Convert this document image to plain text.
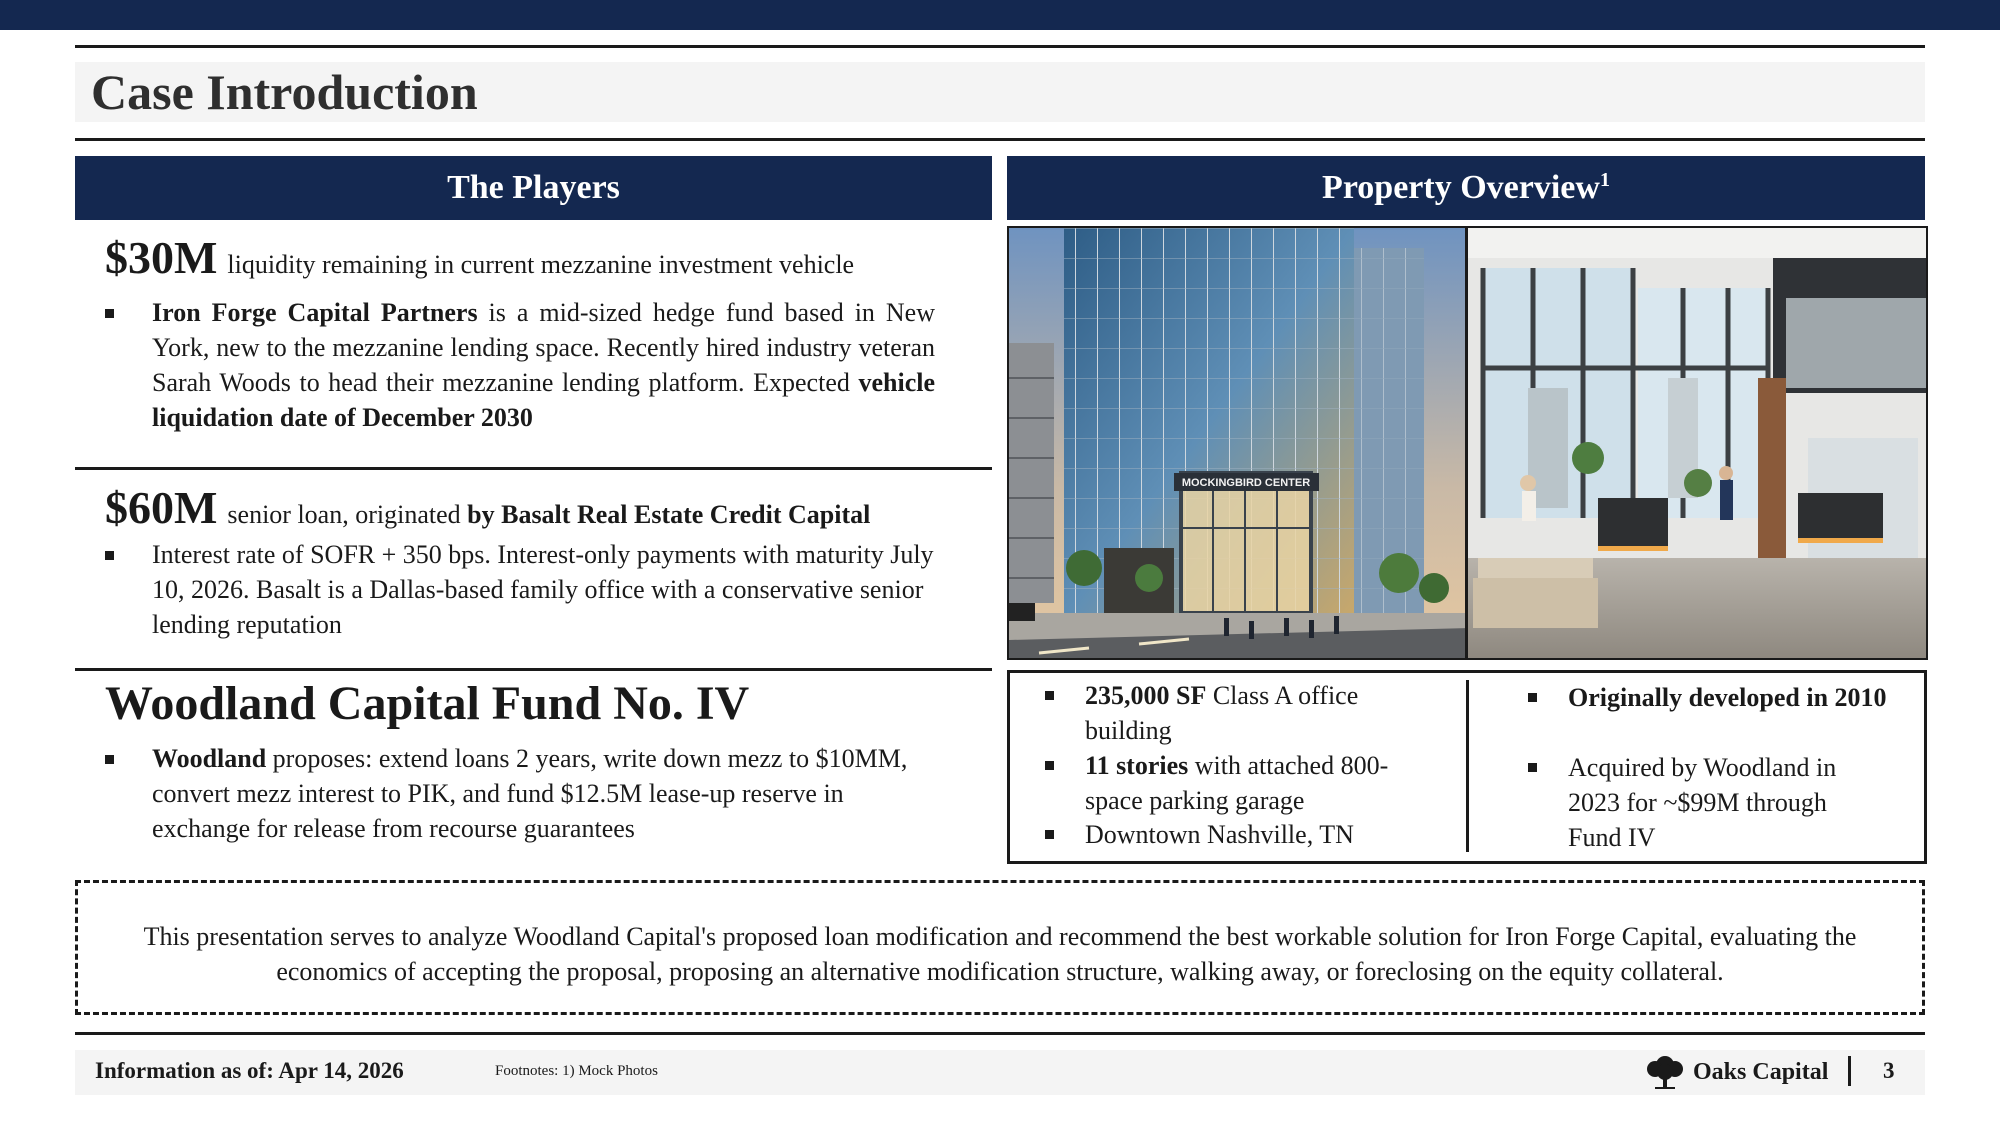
Case Introduction
The Players
$30M liquidity remaining in current mezzanine investment vehicle
Iron Forge Capital Partners is a mid-sized hedge fund based in New York, new to the mezzanine lending space. Recently hired industry veteran Sarah Woods to head their mezzanine lending platform. Expected vehicle liquidation date of December 2030
$60M senior loan, originated by Basalt Real Estate Credit Capital
Interest rate of SOFR + 350 bps. Interest-only payments with maturity July 10, 2026. Basalt is a Dallas-based family office with a conservative senior lending reputation
Woodland Capital Fund No. IV
Woodland proposes: extend loans 2 years, write down mezz to $10MM, convert mezz interest to PIK, and fund $12.5M lease-up reserve in exchange for release from recourse guarantees
Property Overview$^1$
MOCKINGBIRD CENTER
235,000 SF Class A office building
11 stories with attached 800-space parking garage
Downtown Nashville, TN
Originally developed in 2010
Acquired by Woodland in 2023 for ~$99M through Fund IV

This presentation serves to analyze Woodland Capital's proposed loan modification and recommend the best workable solution for Iron Forge Capital, evaluating the economics of accepting the proposal, proposing an alternative modification structure, walking away, or foreclosing on the equity collateral.

Information as of: Apr 14, 2026	Footnotes: 1) Mock Photos	Oaks Capital 3
